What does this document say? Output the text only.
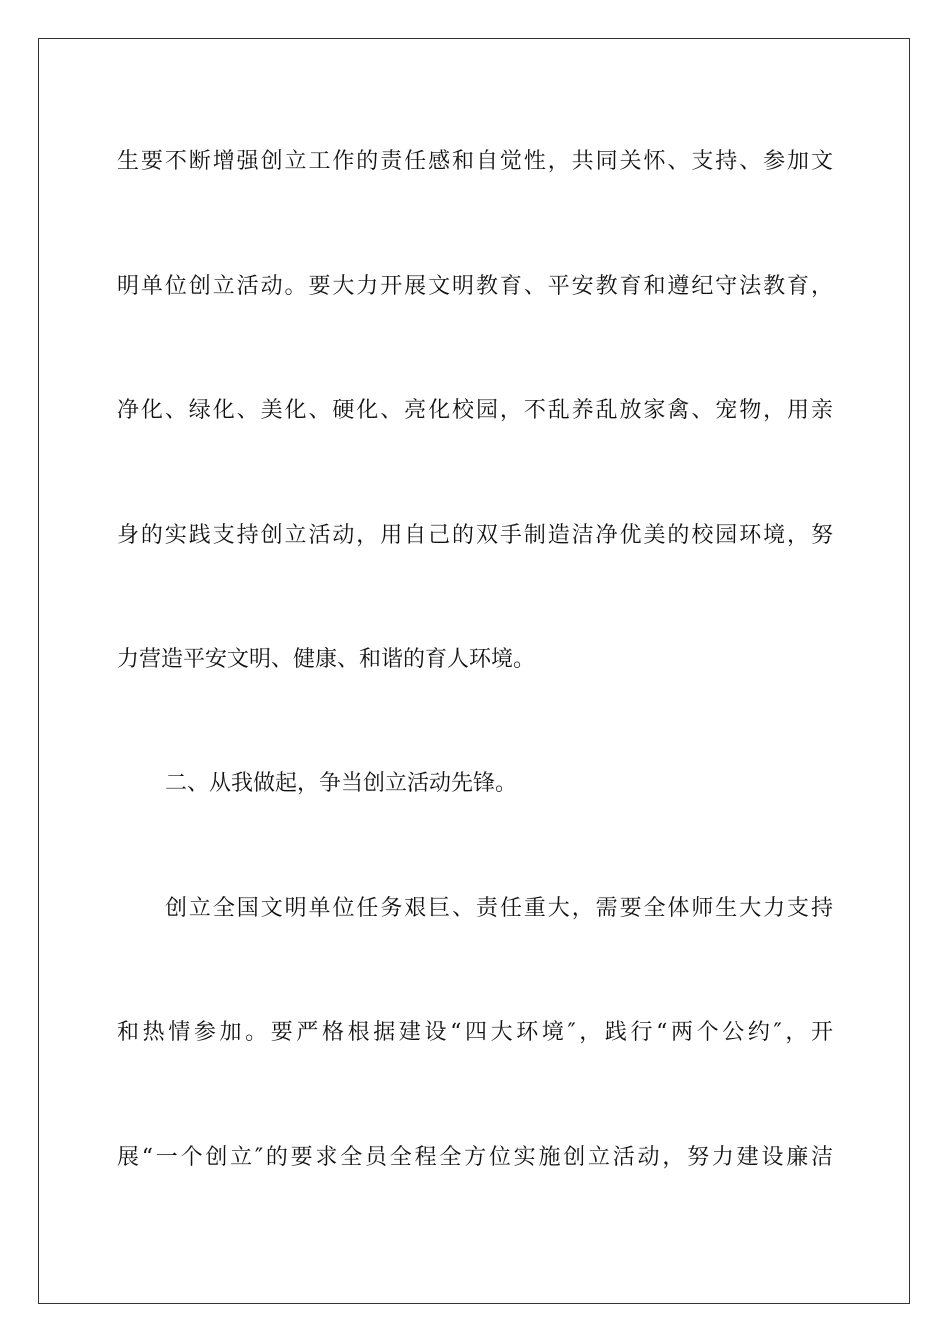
生要不断增强创立工作的责任感和自觉性，共同关怀、支持、参加文
明单位创立活动。要大力开展文明教育、平安教育和遵纪守法教育，
净化、绿化、美化、硬化、亮化校园，不乱养乱放家禽、宠物，用亲
身的实践支持创立活动，用自己的双手制造洁净优美的校园环境，努
力营造平安文明、健康、和谐的育人环境。
二、从我做起，争当创立活动先锋。
创立全国文明单位任务艰巨、责任重大，需要全体师生大力支持
和热情参加。要严格根据建设“四大环境″，践行“两个公约″，开
展“一个创立″的要求全员全程全方位实施创立活动，努力建设廉洁
